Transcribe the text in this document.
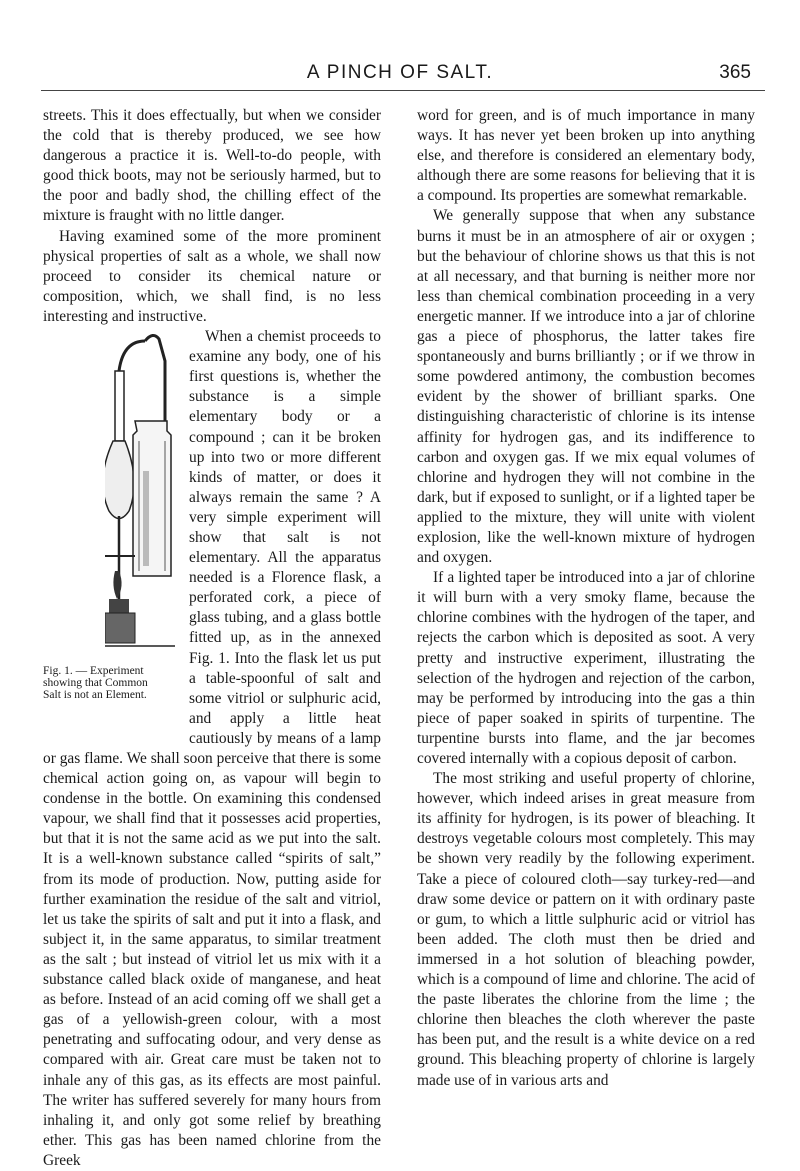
A PINCH OF SALT.	365

streets. This it does effectually, but when we consider the cold that is thereby produced, we see how dangerous a practice it is. Well-to-do people, with good thick boots, may not be seriously harmed, but to the poor and badly shod, the chilling effect of the mixture is fraught with no little danger.

Having examined some of the more prominent physical properties of salt as a whole, we shall now proceed to consider its chemical nature or composition, which, we shall find, is no less interesting and instructive.

Fig. 1. — Experiment
showing that Common
Salt is not an Element.

When a chemist proceeds to examine any body, one of his first questions is, whether the substance is a simple elementary body or a compound ; can it be broken up into two or more different kinds of matter, or does it always remain the same ? A very simple experiment will show that salt is not elementary. All the apparatus needed is a Florence flask, a perforated cork, a piece of glass tubing, and a glass bottle fitted up, as in the annexed Fig. 1. Into the flask let us put a table-spoonful of salt and some vitriol or sulphuric acid, and apply a little heat cautiously by means of a lamp or gas flame. We shall soon perceive that there is some chemical action going on, as vapour will begin to condense in the bottle. On examining this condensed vapour, we shall find that it possesses acid properties, but that it is not the same acid as we put into the salt. It is a well-known substance called “spirits of salt,” from its mode of production. Now, putting aside for further examination the residue of the salt and vitriol, let us take the spirits of salt and put it into a flask, and subject it, in the same apparatus, to similar treatment as the salt ; but instead of vitriol let us mix with it a substance called black oxide of manganese, and heat as before. Instead of an acid coming off we shall get a gas of a yellowish-green colour, with a most penetrating and suffocating odour, and very dense as compared with air. Great care must be taken not to inhale any of this gas, as its effects are most painful. The writer has suffered severely for many hours from inhaling it, and only got some relief by breathing ether. This gas has been named chlorine from the Greek

word for green, and is of much importance in many ways. It has never yet been broken up into anything else, and therefore is considered an elementary body, although there are some reasons for believing that it is a compound. Its properties are somewhat remarkable.

We generally suppose that when any substance burns it must be in an atmosphere of air or oxygen ; but the behaviour of chlorine shows us that this is not at all necessary, and that burning is neither more nor less than chemical combination proceeding in a very energetic manner. If we introduce into a jar of chlorine gas a piece of phosphorus, the latter takes fire spontaneously and burns brilliantly ; or if we throw in some powdered antimony, the combustion becomes evident by the shower of brilliant sparks. One distinguishing characteristic of chlorine is its intense affinity for hydrogen gas, and its indifference to carbon and oxygen gas. If we mix equal volumes of chlorine and hydrogen they will not combine in the dark, but if exposed to sunlight, or if a lighted taper be applied to the mixture, they will unite with violent explosion, like the well-known mixture of hydrogen and oxygen.

If a lighted taper be introduced into a jar of chlorine it will burn with a very smoky flame, because the chlorine combines with the hydrogen of the taper, and rejects the carbon which is deposited as soot. A very pretty and instructive experiment, illustrating the selection of the hydrogen and rejection of the carbon, may be performed by introducing into the gas a thin piece of paper soaked in spirits of turpentine. The turpentine bursts into flame, and the jar becomes covered internally with a copious deposit of carbon.

The most striking and useful property of chlorine, however, which indeed arises in great measure from its affinity for hydrogen, is its power of bleaching. It destroys vegetable colours most completely. This may be shown very readily by the following experiment. Take a piece of coloured cloth—say turkey-red—and draw some device or pattern on it with ordinary paste or gum, to which a little sulphuric acid or vitriol has been added. The cloth must then be dried and immersed in a hot solution of bleaching powder, which is a compound of lime and chlorine. The acid of the paste liberates the chlorine from the lime ; the chlorine then bleaches the cloth wherever the paste has been put, and the result is a white device on a red ground. This bleaching property of chlorine is largely made use of in various arts and
